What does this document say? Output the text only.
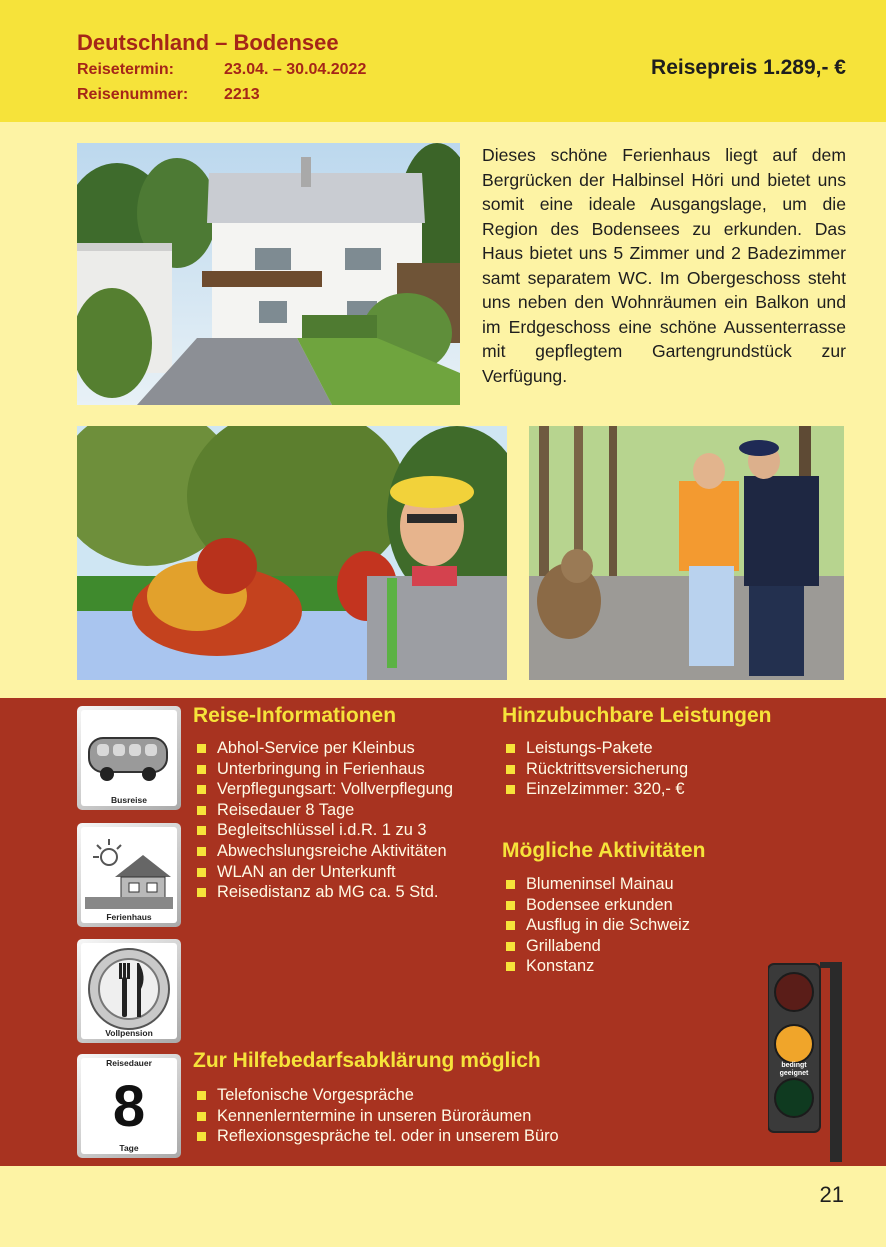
Deutschland – Bodensee
Reisetermin:	23.04. – 30.04.2022
Reisenummer: 2213
Reisepreis 1.289,- €
Dieses schöne Ferienhaus liegt auf dem Bergrücken der Halbinsel Höri und bietet uns somit eine ideale Ausgangslage, um die Region des Bodensees zu erkunden. Das Haus bietet uns 5 Zimmer und 2 Badezimmer samt separatem WC. Im Obergeschoss steht uns neben den Wohnräumen ein Balkon und im Erdgeschoss eine schöne Aussenterrasse mit gepflegtem Gartengrundstück zur Verfügung.
Busreise
Ferienhaus
Vollpension
Reisedauer
8
Tage
Reise-Informationen
Abhol-Service per Kleinbus
Unterbringung in Ferienhaus
Verpflegungsart: Vollverpflegung
Reisedauer 8 Tage
Begleitschlüssel i.d.R. 1 zu 3
Abwechslungsreiche Aktivitäten
WLAN an der Unterkunft
Reisedistanz ab MG ca. 5 Std.
Hinzubuchbare Leistungen
Leistungs-Pakete
Rücktrittsversicherung
Einzelzimmer: 320,- €
Mögliche Aktivitäten
Blumeninsel Mainau
Bodensee erkunden
Ausflug in die Schweiz
Grillabend
Konstanz
Zur Hilfebedarfsabklärung möglich
Telefonische Vorgespräche
Kennenlerntermine in unseren Büroräumen
Reflexionsgespräche tel. oder in unserem Büro
bedingt
geeignet
21
